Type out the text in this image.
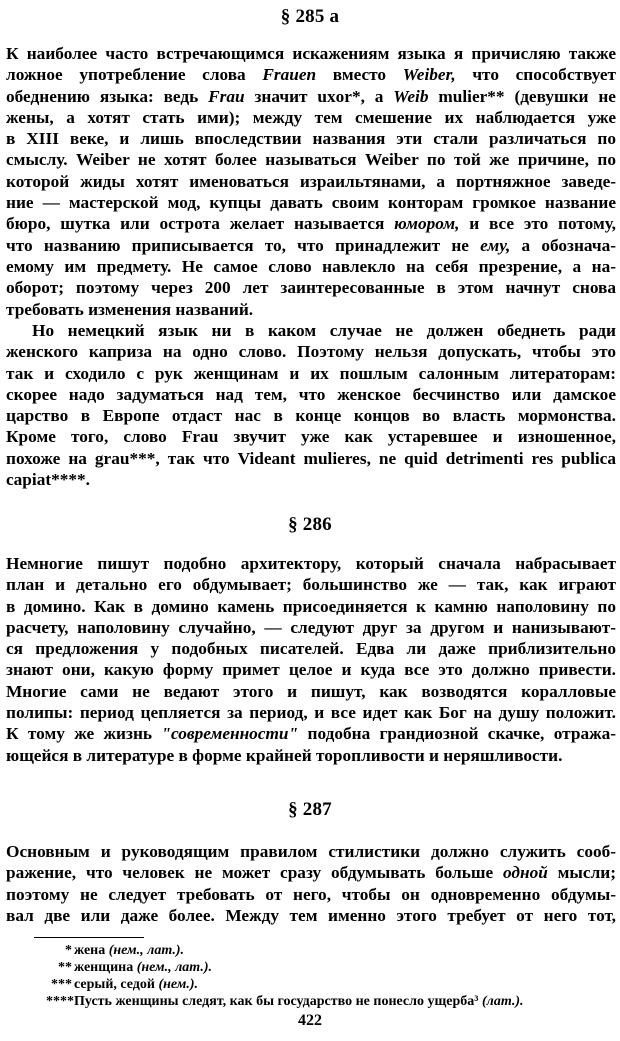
§ 285 а

К наиболее часто встречающимся искажениям языка я причисляю также

ложное употребление слова Frauen вместо Weiber, что способствует

обеднению языка: ведь Frau значит uxor*, а Weib mulier** (девушки не

жены, а хотят стать ими); между тем смешение их наблюдается уже

в XIII веке, и лишь впоследствии названия эти стали различаться по

смыслу. Weiber не хотят более называться Weiber по той же причине, по

которой жиды хотят именоваться израильтянами, а портняжное заведе-

ние — мастерской мод, купцы давать своим конторам громкое название

бюро, шутка или острота желает называется юмором, и все это потому,

что названию приписывается то, что принадлежит не ему, а обознача-

емому им предмету. Не самое слово навлекло на себя презрение, а на-

оборот; поэтому через 200 лет заинтересованные в этом начнут снова

требовать изменения названий.

Но немецкий язык ни в каком случае не должен обеднеть ради

женского каприза на одно слово. Поэтому нельзя допускать, чтобы это

так и сходило с рук женщинам и их пошлым салонным литераторам:

скорее надо задуматься над тем, что женское бесчинство или дамское

царство в Европе отдаст нас в конце концов во власть мормонства.

Кроме того, слово Frau звучит уже как устаревшее и изношенное,

похоже на grau***, так что Videant mulieres, ne quid detrimenti res publica

capiat****.

§ 286

Немногие пишут подобно архитектору, который сначала набрасывает

план и детально его обдумывает; большинство же — так, как играют

в домино. Как в домино камень присоединяется к камню наполовину по

расчету, наполовину случайно, — следуют друг за другом и нанизывают-

ся предложения у подобных писателей. Едва ли даже приблизительно

знают они, какую форму примет целое и куда все это должно привести.

Многие сами не ведают этого и пишут, как возводятся коралловые

полипы: период цепляется за период, и все идет как Бог на душу положит.

К тому же жизнь "современности" подобна грандиозной скачке, отража-

ющейся в литературе в форме крайней торопливости и неряшливости.

§ 287

Основным и руководящим правилом стилистики должно служить сооб-

ражение, что человек не может сразу обдумывать больше одной мысли;

поэтому не следует требовать от него, чтобы он одновременно обдумы-

вал две или даже более. Между тем именно этого требует от него тот,

* жена (нем., лат.).
** женщина (нем., лат.).
*** серый, седой (нем.).
****Пусть женщины следят, как бы государство не понесло ущерба³ (лат.).
422
